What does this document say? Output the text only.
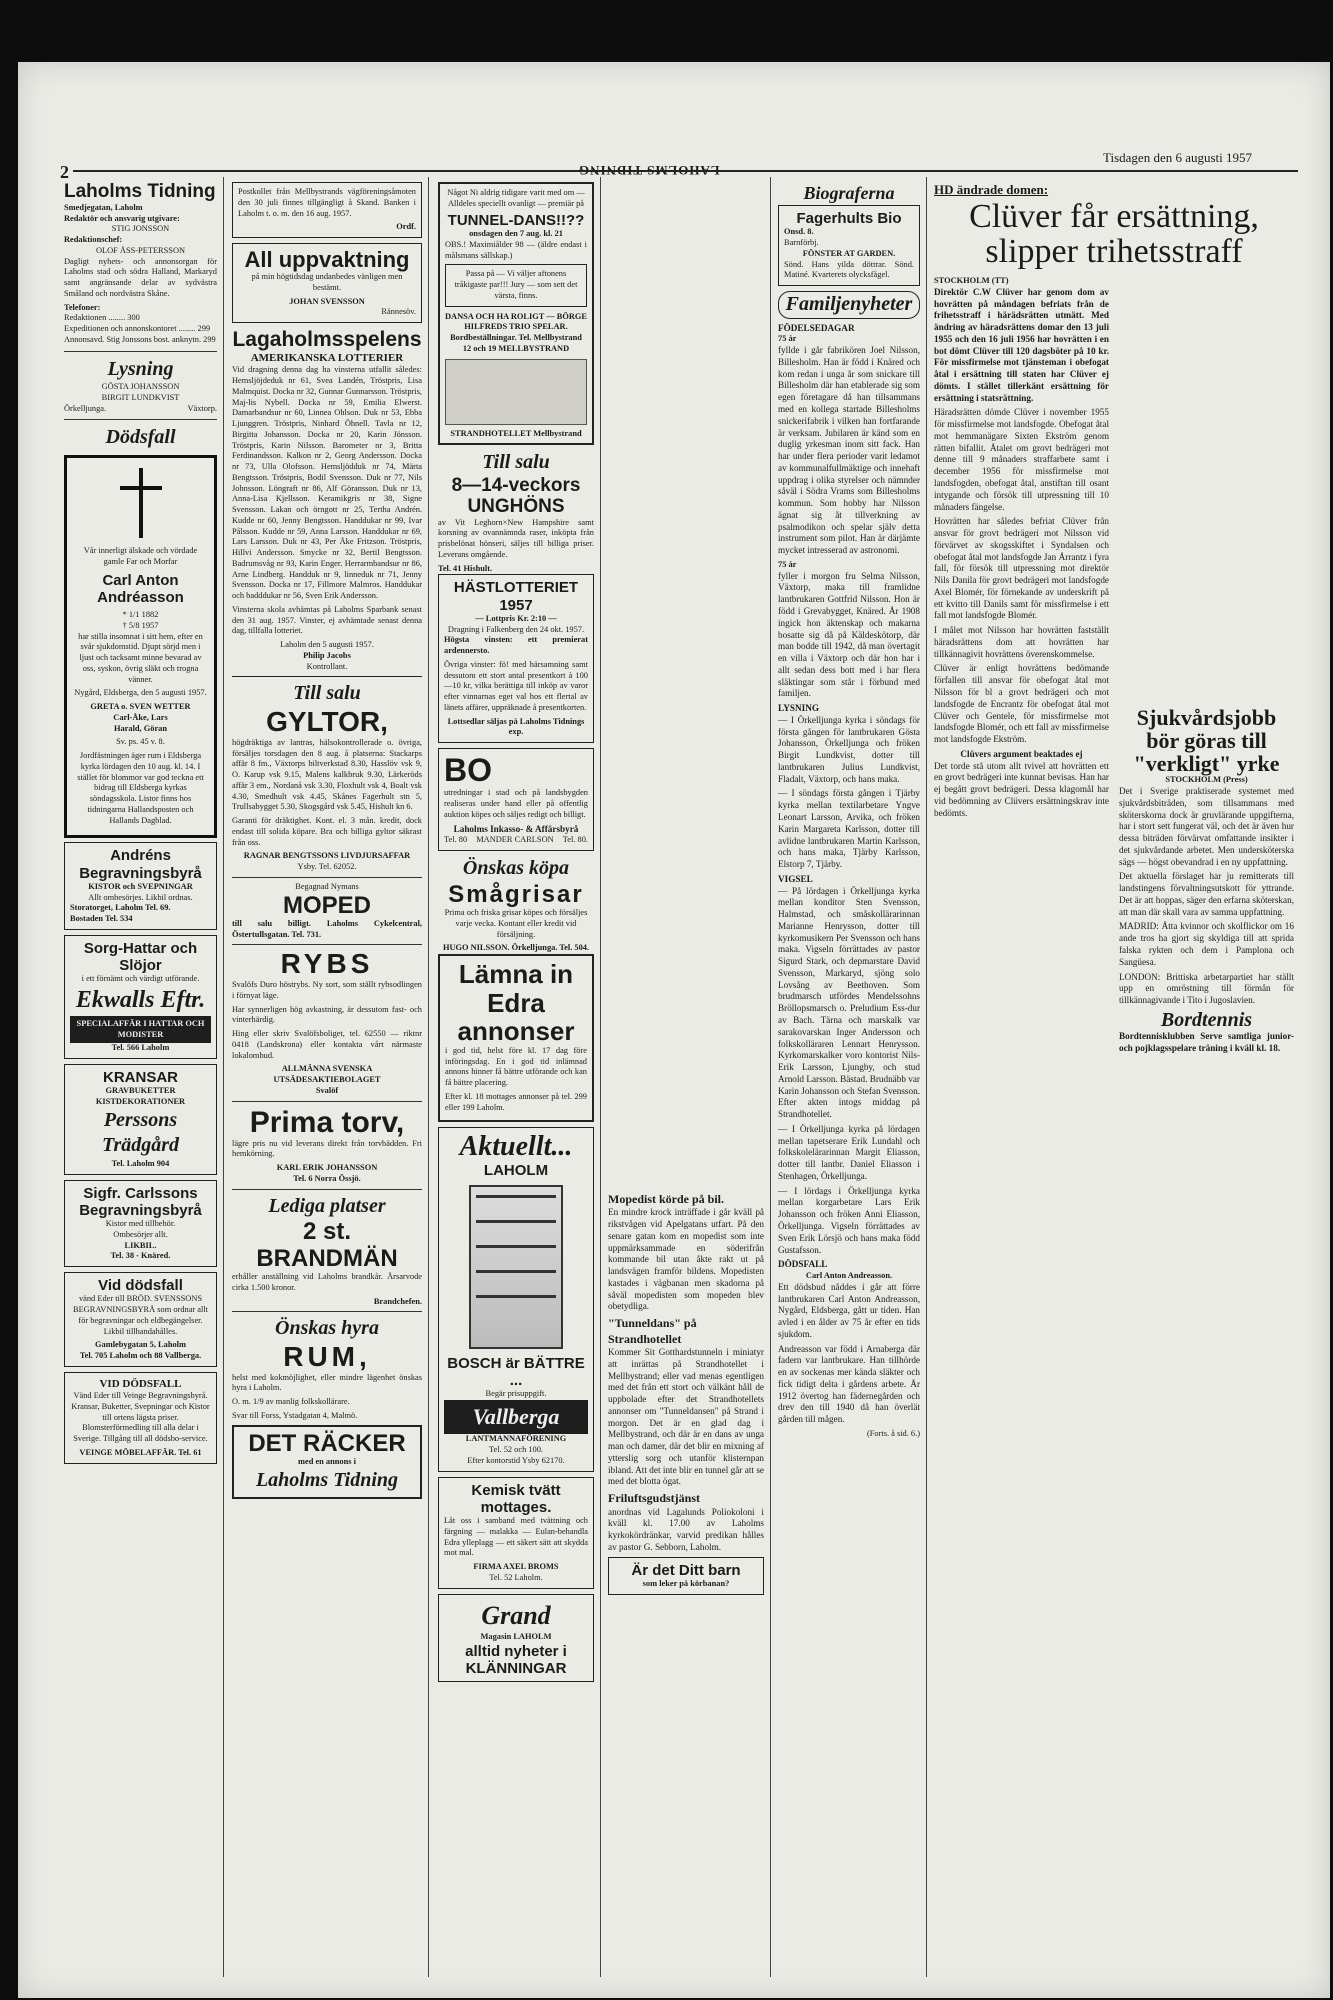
2	LAHOLMS TIDNING
Tisdagen den 6 augusti 1957
Laholms Tidning
Smedjegatan, Laholm
Redaktör och ansvarig utgivare:
STIG JONSSON
Redaktionschef:
OLOF ÅSS-PETERSSON

Dagligt nyhets- och annonsorgan för Laholms stad och södra Halland, Markaryd samt angränsande delar av sydvästra Småland och nordvästra Skåne.

Telefoner:
Redaktionen ........ 300
Expeditionen och annonskontoret ........ 299
Annonsavd. Stig Jonssons bost. anknytn. 299
Lysning
GÖSTA JOHANSSON
BIRGIT LUNDKVIST
Örkelljunga.	Växtorp.
Dödsfall
Vår innerligt älskade och vördade gamle Far och Morfar
Carl Anton Andréasson
* 1/1 1882
† 5/8 1957

har stilla insomnat i sitt hem, efter en svår sjukdomstid. Djupt sörjd men i ljust och tacksamt minne bevarad av oss, syskon, övrig släkt och trogna vänner.

Nygård, Eldsberga, den 5 augusti 1957.

GRETA o. SVEN WETTER
Carl-Åke, Lars
Harald, Göran
Sv. ps. 45 v. 8.

Jordfästningen äger rum i Eldsberga kyrka lördagen den 10 aug. kl. 14. I stället för blommor var god teckna ett bidrag till Eldsberga kyrkas söndagsskola. Listor finns hos tidningarna Hallandsposten och Hallands Dagblad.

Andréns Begravningsbyrå
KISTOR och SVEPNINGAR
Allt ombesörjes. Likbil ordnas.
Storatorget, Laholm Tel. 69.
Bostaden Tel. 534
Sorg-Hattar och Slöjor
i ett förnämt och värdigt utförande.
Ekwalls Eftr.
SPECIALAFFÄR I HATTAR OCH MODISTER
Tel. 566 Laholm
KRANSAR
GRAVBUKETTER KISTDEKORATIONER
Perssons Trädgård
Tel. Laholm 904
Sigfr. Carlssons Begravningsbyrå
Kistor med tillbehör.
Ombesörjer allt.
LIKBIL.
Tel. 38 - Knäred.
Vid dödsfall

vänd Eder till BRÖD. SVENSSONS BEGRAVNINGSBYRÅ som ordnar allt för begravningar och eldbegängelser. Likbil tillhandahålles.

Gamlebygatan 5, Laholm
Tel. 705 Laholm och 88 Vallberga.
VID DÖDSFALL

Vänd Eder till Veinge Begravningsbyrå. Kransar, Buketter, Svepningar och Kistor till ortens lägsta priser. Blomsterförmedling till alla delar i Sverige. Tillgång till all dödsbo-service.

VEINGE MÖBELAFFÄR. Tel. 61

Postkollet från Mellbystrands vägföreningsåmoten den 30 juli finnes tillgängligt å Skand. Banken i Laholm t. o. m. den 16 aug. 1957.

Ordf.
All uppvaktning

på min högtidsdag undanbedes vänligen men bestämt.

JOHAN SVENSSON
Rännesöv.
Lagaholmsspelens
AMERIKANSKA LOTTERIER

Vid dragning denna dag ha vinsterna utfallit således: Hemsljöjdeduk nr 61, Svea Landén, Tröstpris, Lisa Malmquist. Docka nr 32, Gunnar Gunnarsson. Tröstpris, Maj-lis Nybell. Docka nr 59, Emilia Elwerst. Damarbandsur nr 60, Linnea Ohlson. Duk nr 53, Ebba Ljunggren. Tröstpris, Ninhard Öhnell. Tavla nr 12, Birgitta Johansson. Docka nr 20, Karin Jönsson. Tröstpris, Karin Nilsson. Barometer nr 3, Britta Ferdinandsson. Kalkon nr 2, Georg Andersson. Docka nr 73, Ulla Olofsson. Hemsljödduk nr 74, Märta Bengtsson. Tröstpris, Bodil Svensson. Duk nr 77, Nils Johnsson. Löngraft nr 86, Alf Göransson. Duk nr 13, Anna-Lisa Kjellsson. Keramikgris nr 38, Signe Svensson. Lakan och örngott nr 25, Tertha Andrén. Kudde nr 60, Jenny Bengtsson. Handdukar nr 99, Ivar Pålsson. Kudde nr 59, Anna Larsson. Handdukar nr 69, Lars Larsson. Duk nr 43, Per Åke Fritzson. Tröstpris, Hillvi Andersson. Smycke nr 32, Bertil Bengtsson. Badrumsvåg nr 93, Karin Enger. Herrarmbandsur nr 86, Arne Lindberg. Handduk nr 9, linneduk nr 71, Jenny Svensson. Docka nr 17, Fillmore Malmros. Handdukar och badddukar nr 56, Sven Erik Andersson.

Vinsterna skola avhämtas på Laholms Sparbank senast den 31 aug. 1957. Vinster, ej avhämtade senast denna dag, tillfalla lotteriet.

Laholm den 5 augusti 1957.
Philip Jacobs
Kontrollant.
Till salu
GYLTOR,

högdräktiga av lantras, hälsokontrollerade o. övriga, försäljes torsdagen den 8 aug. å platserna: Stackarps affär 8 fm., Växtorps biltverkstad 8.30, Hasslöv vsk 9, O. Karup vsk 9.15, Malens kalkbruk 9.30, Lärkeröds affär 3 em., Nordanå vsk 3.30, Floxhult vsk 4, Boalt vsk 4.30, Smedhult vsk 4.45, Skånes Fagerhult stn 5, Trullsabygget 5.30, Skogsgård vsk 5.45, Hishult kn 6.

Garanti för dräktighet. Kont. el. 3 mån. kredit, dock endast till solida köpare. Bra och billiga gyltor säkrast från oss.

RAGNAR BENGTSSONS LIVDJURSAFFAR
Ysby. Tel. 62052.
Begagnad Nymans
MOPED

till salu billigt. Laholms Cykelcentral, Östertullsgatan. Tel. 731.

RYBS

Svalöfs Duro höstrybs. Ny sort, som ställt rybsodlingen i förnyat läge.

Har synnerligen hög avkastning, är dessutom fast- och vinterhärdig.

Hing eller skriv Svalöfsboliget, tel. 62550 — riktnr 0418 (Landskrona) eller kontakta vårt närmaste lokalombud.

ALLMÄNNA SVENSKA UTSÄDESAKTIEBOLAGET
Svalöf
Prima torv,

lägre pris nu vid leverans direkt från torvbädden. Fri hemkörning.

KARL ERIK JOHANSSON
Tel. 6 Norra Össjö.
Lediga platser
2 st. BRANDMÄN

erhåller anställning vid Laholms brandkår. Årsarvode cirka 1.500 kronor.

Brandchefen.
Önskas hyra
RUM,

helst med kokmöjlighet, eller mindre lägenhet önskas hyra i Laholm.

O. m. 1/9 av manlig folkskollärare.

Svar till Forss, Ystadgatan 4, Malmö.

DET RÄCKER
med en annons i
Laholms Tidning

Något Ni aldrig tidigare varit med om — Alldeles speciellt ovanligt — premiär på

TUNNEL-DANS!!??
onsdagen den 7 aug. kl. 21

OBS.! Maximiålder 98 — (äldre endast i målsmans sällskap.)

Passa på — Vi väljer aftonens tråkigaste par!!! Jury — som sett det värsta, finns.
DANSA OCH HA ROLIGT — BÖRGE HILFREDS TRIO SPELAR.
Bordbeställningar. Tel. Mellbystrand 12 och 19 MELLBYSTRAND
STRANDHOTELLET Mellbystrand
Till salu
8—14-veckors UNGHÖNS

av Vit Leghorn×New Hampshire samt korsning av ovannämnda raser, inköpta från prisbelönat hönseri, säljes till billiga priser. Leverans omgående.

Tel. 41 Hishult.
HÄSTLOTTERIET 1957
— Lottpris Kr. 2:10 —
Dragning i Falkenberg den 24 okt. 1957.

Högsta vinsten: ett premierat ardennersto.

Övriga vinster: fö! med härsamning samt dessutom ett stort antal presentkort à 100—10 kr, vilka berättiga till inköp av varor efter vinnarnas eget val hos ett flertal av länets affärer, uppräknade å presentkorten.

Lottsedlar säljas på Laholms Tidnings exp.
BO

utredningar i stad och på landsbygden realiseras under hand eller på offentlig auktion köpes och säljes redigt och billigt.

Laholms Inkasso- & Affärsbyrå
Tel. 80 MANDER CARLSON Tel. 80.
Önskas köpa
Smågrisar

Prima och friska grisar köpes och försäljes varje vecka. Kontant eller kredit vid försäljning.

HUGO NILSSON. Örkelljunga. Tel. 504.
Lämna in Edra annonser

i god tid, helst före kl. 17 dag före införingsdag. En i god tid inlämnad annons hinner få bättre utförande och kan få bättre placering.

Efter kl. 18 mottages annonser på tel. 299 eller 199 Laholm.

Aktuellt...
LAHOLM
BOSCH är BÄTTRE ...
Begär prisuppgift.
Vallberga
LANTMANNAFÖRENING
Tel. 52 och 100.
Efter kontorstid Ysby 62170.
Kemisk tvätt mottages.

Låt oss i samband med tvättning och färgning — malakka — Eulan-behandla Edra ylleplagg — ett säkert sätt att skydda mot mal.

FIRMA AXEL BROMS
Tel. 52 Laholm.
Grand
Magasin LAHOLM
alltid nyheter i KLÄNNINGAR
Mopedist körde på bil.

En mindre krock inträffade i går kväll på rikstvågen vid Apelgatans utfart. På den senare gatan kom en mopedist som inte uppmärksammade en söderifrån kommande bil utan åkte rakt ut på landsvägen framför bildens. Mopedisten kastades i vägbanan men skadorna på såväl mopedisten som mopeden blev obetydliga.

"Tunneldans" på Strandhotellet

Kommer Sit Gotthardstunneln i miniatyr att inrättas på Strandhotellet i Mellbystrand; eller vad menas egentligen med det från ett stort och välkänt håll de uppbolade efter det Strandhotellets annonser om "Tunneldansen" på Strand i morgon. Det är en glad dag i Mellbystrand, och där är en dans av unga man och damer, där det blir en mixning af ytterslig sorg och utanför klisternpan ibland. Att det inte blir en tunnel går att se med det blotta ögat.

Friluftsgudstjänst

anordnas vid Lagalunds Poliokoloni i kväll kl. 17.00 av Laholms kyrkokördränkar, varvid predikan hålles av pastor G. Sebborn, Laholm.

Är det Ditt barn
som leker på körbanan?
Biograferna
Fagerhults Bio
Onsd. 8.
Barnförbj.
FÖNSTER AT GARDEN.
Sönd. Hans yilda döttrar. Sönd. Matiné. Kvarterets olycksfågel.
Familjenyheter
FÖDELSEDAGAR
75 år

fyllde i går fabrikören Joel Nilsson, Billesholm. Han är född i Knäred och kom redan i unga år som snickare till Billesholm där han etablerade sig som egen företagare då han tillsammans med en kollega startade Billesholms snickerifabrik i vilken han fortfarande är verksam. Jubilaren är känd som en duglig yrkesman inom sitt fack. Han har under flera perioder varit ledamot av kommunalfullmäktige och innehaft uppdrag i olika styrelser och nämnder såväl i Södra Vrams som Billesholms kommun. Som hobby har Nilsson ägnat sig åt tillverkning av psalmodikon och spelar själv detta instrument som pilot. Han är därjämte mycket intresserad av astronomi.

75 år

fyller i morgon fru Selma Nilsson, Växtorp, maka till framlidne lantbrukaren Gottfrid Nilsson. Hon är född i Grevabygget, Knäred. År 1908 ingick hon äktenskap och makarna bosatte sig då på Käldeskötorp, där man bodde till 1942, då man övertagit en villa i Växtorp och där hon har i allt sedan dess bott med i har flera släktingar som står i förbund med familjen.

LYSNING

— I Örkelljunga kyrka i söndags för första gången för lantbrukaren Gösta Johansson, Örkelljunga och fröken Birgit Lundkvist, dotter till lantbrukaren Julius Lundkvist, Fladalt, Växtorp, och hans maka.

— I söndags första gången i Tjärby kyrka mellan textilarbetare Yngve Leonart Larsson, Arvika, och fröken Karin Margareta Karlsson, dotter till avlidne lantbrukaren Martin Karlsson, och hans maka, Tjärby Karlsson, Elstorp 7, Tjärby.

VIGSEL

— På lördagen i Örkelljunga kyrka mellan konditor Sten Svensson, Halmstad, och småskollärarinnan Marianne Henrysson, dotter till kyrkomusikern Per Svensson och hans maka. Vigseln förrättades av pastor Sigurd Stark, och depmarstare David Svensson, Markaryd, sjöng solo Lovsång av Beethoven. Som brudmarsch utfördes Mendelssohns Bröllopsmarsch o. Preludium Ess-dur av Bach. Tärna och marskalk var sarakovarskan Inger Andersson och folkskolläraren Lennart Henrysson. Kyrkomarskalker voro kontorist Nils-Erik Larsson, Ljungby, och stud Arnold Larsson. Bästad. Brudnäbb var Karin Johansson och Stefan Svensson. Efter akten intogs middag på Strandhotellet.

— I Örkelljunga kyrka på lördagen mellan tapetserare Erik Lundahl och folkskolelärarinnan Margit Eliasson, dotter till lantbr. Daniel Eliasson i Stenhagen, Örkelljunga.

— I lördags i Örkelljunga kyrka mellan korgarbetare Lars Erik Johansson och fröken Anni Eliasson, Örkelljunga. Vigseln förrättades av Sven Erik Lörsjö och hans maka född Gustafsson.

DÖDSFALL
Carl Anton Andreasson.

Ett dödsbud nåddes i går att förre lantbrukaren Carl Anton Andreasson, Nygård, Eldsberga, gått ur tiden. Han avled i en ålder av 75 år efter en tids sjukdom.

Andreasson var född i Arnaberga där fadern var lantbrukare. Han tillhörde en av sockenas mer kända släkter och fick tidigt delta i gårdens arbete. År 1912 övertog han fädernegården och drev den till 1940 då han överlät gården till mågen.

(Forts. å sid. 6.)
HD ändrade domen:
Clüver får ersättning, slipper trihetsstraff
STOCKHOLM (TT)

Direktör C.W Clüver har genom dom av hovrätten på måndagen befriats från de frihetsstraff i härädsrätten utmätt. Med ändring av häradsrättens domar den 13 juli 1955 och den 16 juli 1956 har hovrätten i en bot dömt Clüver till 120 dagsböter på 10 kr. För missfirmelse mot tjänsteman i obefogat åtal i ersättning till staten har Clüver ej dömts. I stället tillerkänt ersättning för ersättning i statsrättning.

Häradsrätten dömde Clüver i november 1955 för missfirmelse mot landsfogde. Obefogat åtal mot hemmanägare Sixten Ekström genom rätten bifallit. Åtalet om grovt bedrägeri mot denne till 9 månaders straffarbete samt i december 1956 för missfirmelse mot landsfogden, obefogat åtal, anstiftan till osant intygande och försök till utpressning till 10 månaders fängelse.

Hovrätten har således befriat Clüver från ansvar för grovt bedrägeri mot Nilsson vid förvärvet av skogsskiftet i Syndalsen och obefogat åtal mot landsfogde Jan Årrantz i fyra fall, för försök till utpressning mot direktör Nils Danila för grovt bedrägeri mot landsfogde Axel Blomér, för förnekande av underskrift på ett kvitto till Danils samt för missfirmelse i ett fall mot landsfogde Blomér.

I målet mot Nilsson har hovrätten fastställt häradsrättens dom att hovrätten har tillkännagivit hovrättens överenskommelse.

Clüver är enligt hovrättens bedömande förfallen till ansvar för obefogat åtal mot Nilsson för bl a grovt bedrägeri och mot landsfogde de Encrantz för obefogat åtal mot Clüver och Gentele, för missfirmelse mot landsfogde Blomér, och ett fall av missfirmelse mot landsfogde Ekström.

Clüvers argument beaktades ej

Det torde stå utom allt tvivel att hovrätten ett en grovt bedrägeri inte kunnat bevisas. Han har ej begått grovt bedrägeri. Dessa klagomål har vid bedömning av Clüvers ersättningskrav inte bedömts.

Sjukvårdsjobb bör göras till "verkligt" yrke
STOCKHOLM (Press)

Det i Sverige praktiserade systemet med sjukvårdsbiträden, som tillsammans med sköterskorna dock är gruvlärande uppgifterna, har i stort sett fungerat väl, och det är även hur dessa biträden förvärvat omfattande insikter i det sjukvårdande arbetet. Men undersköterska sägs — högst obevandrad i en ny uppfattning.

Det aktuella förslaget har ju remitterats till landstingens förvaltningsutskott för yttrande. Det är att hoppas, säger den erfarna sköterskan, att man där skall vara av samma uppfattning.

MADRID: Åtta kvinnor och skolflickor om 16 ande tros ha gjort sig skyldiga till att sprida falska rykten och dem i Pamplona och Sangüesa.

LONDON: Brittiska arbetarpartiet har ställt upp en omröstning till förmån för tillkännagivande i Tito i Jugoslavien.

Bordtennis

Bordtennisklubben Serve samtliga junior- och pojklagsspelare träning i kväll kl. 18.
